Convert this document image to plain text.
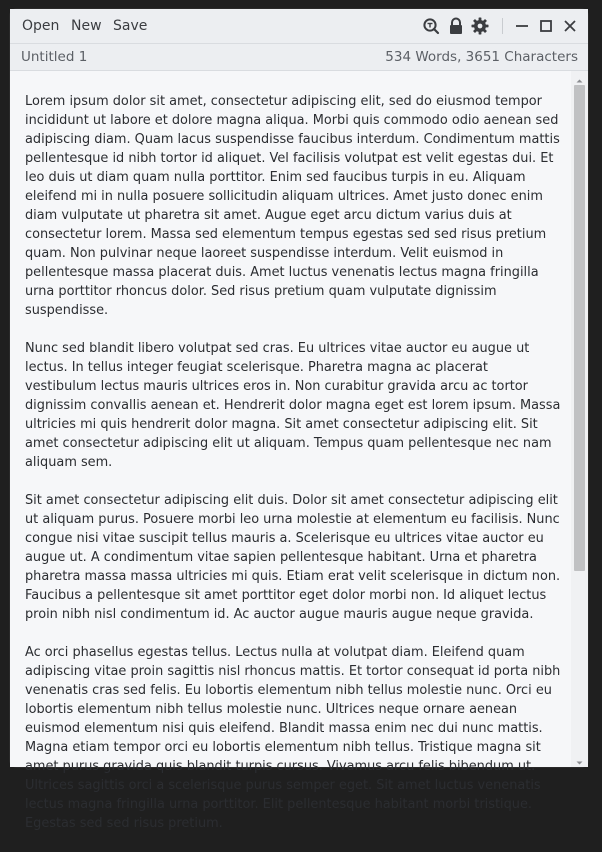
Open New Save
Untitled 1	534 Words, 3651 Characters

Lorem ipsum dolor sit amet, consectetur adipiscing elit, sed do eiusmod tempor incididunt ut labore et dolore magna aliqua. Morbi quis commodo odio aenean sed adipiscing diam. Quam lacus suspendisse faucibus interdum. Condimentum mattis pellentesque id nibh tortor id aliquet. Vel facilisis volutpat est velit egestas dui. Et leo duis ut diam quam nulla porttitor. Enim sed faucibus turpis in eu. Aliquam eleifend mi in nulla posuere sollicitudin aliquam ultrices. Amet justo donec enim diam vulputate ut pharetra sit amet. Augue eget arcu dictum varius duis at consectetur lorem. Massa sed elementum tempus egestas sed sed risus pretium quam. Non pulvinar neque laoreet suspendisse interdum. Velit euismod in pellentesque massa placerat duis. Amet luctus venenatis lectus magna fringilla urna porttitor rhoncus dolor. Sed risus pretium quam vulputate dignissim suspendisse.

Nunc sed blandit libero volutpat sed cras. Eu ultrices vitae auctor eu augue ut lectus. In tellus integer feugiat scelerisque. Pharetra magna ac placerat vestibulum lectus mauris ultrices eros in. Non curabitur gravida arcu ac tortor dignissim convallis aenean et. Hendrerit dolor magna eget est lorem ipsum. Massa ultricies mi quis hendrerit dolor magna. Sit amet consectetur adipiscing elit. Sit amet consectetur adipiscing elit ut aliquam. Tempus quam pellentesque nec nam aliquam sem.

Sit amet consectetur adipiscing elit duis. Dolor sit amet consectetur adipiscing elit ut aliquam purus. Posuere morbi leo urna molestie at elementum eu facilisis. Nunc congue nisi vitae suscipit tellus mauris a. Scelerisque eu ultrices vitae auctor eu augue ut. A condimentum vitae sapien pellentesque habitant. Urna et pharetra pharetra massa massa ultricies mi quis. Etiam erat velit scelerisque in dictum non. Faucibus a pellentesque sit amet porttitor eget dolor morbi non. Id aliquet lectus proin nibh nisl condimentum id. Ac auctor augue mauris augue neque gravida.

Ac orci phasellus egestas tellus. Lectus nulla at volutpat diam. Eleifend quam adipiscing vitae proin sagittis nisl rhoncus mattis. Et tortor consequat id porta nibh venenatis cras sed felis. Eu lobortis elementum nibh tellus molestie nunc. Orci eu lobortis elementum nibh tellus molestie nunc. Ultrices neque ornare aenean euismod elementum nisi quis eleifend. Blandit massa enim nec dui nunc mattis. Magna etiam tempor orci eu lobortis elementum nibh tellus. Tristique magna sit amet purus gravida quis blandit turpis cursus. Vivamus arcu felis bibendum ut. Ultrices sagittis orci a scelerisque purus semper eget. Sit amet luctus venenatis lectus magna fringilla urna porttitor. Elit pellentesque habitant morbi tristique. Egestas sed sed risus pretium.
